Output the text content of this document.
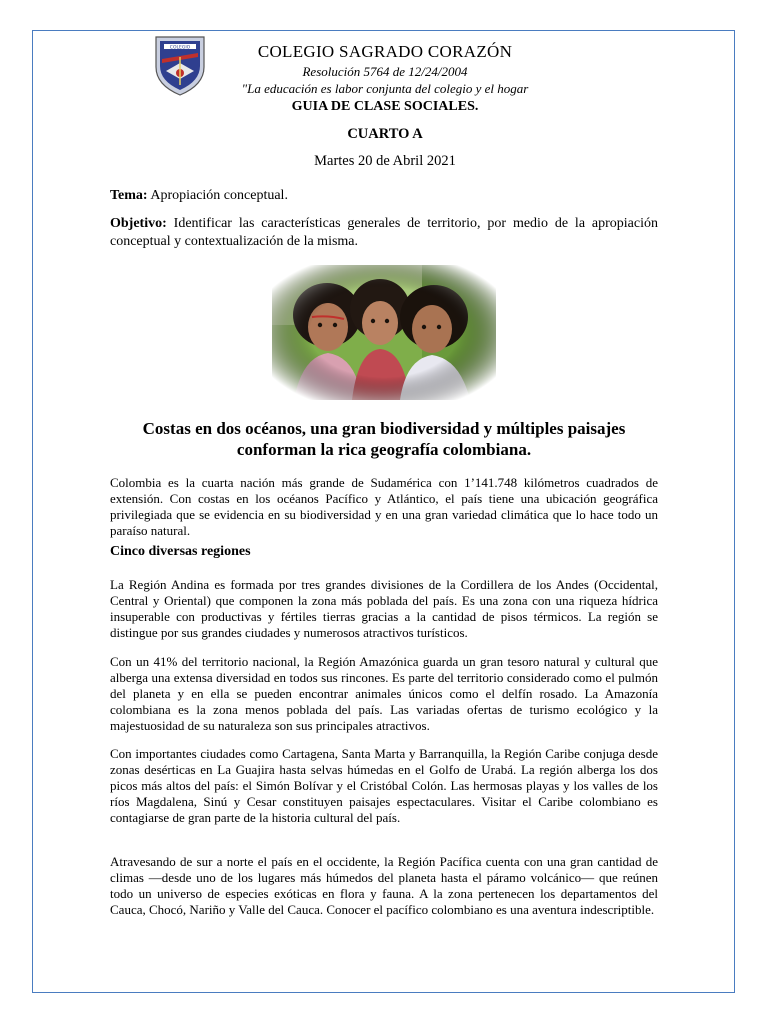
COLEGIO	COLEGIO SAGRADO CORAZÓN
Resolución 5764 de 12/24/2004
"La educación es labor conjunta del colegio y el hogar
GUIA DE CLASE SOCIALES.
CUARTO A
Martes 20 de Abril 2021
Tema: Apropiación conceptual.
Objetivo: Identificar las características generales de territorio, por medio de la apropiación conceptual y contextualización de la misma.
Costas en dos océanos, una gran biodiversidad y múltiples paisajes conforman la rica geografía colombiana.
Colombia es la cuarta nación más grande de Sudamérica con 1’141.748 kilómetros cuadrados de extensión. Con costas en los océanos Pacífico y Atlántico, el país tiene una ubicación geográfica privilegiada que se evidencia en su biodiversidad y en una gran variedad climática que lo hace todo un paraíso natural.
Cinco diversas regiones
La Región Andina es formada por tres grandes divisiones de la Cordillera de los Andes (Occidental, Central y Oriental) que componen la zona más poblada del país. Es una zona con una riqueza hídrica insuperable con productivas y fértiles tierras gracias a la cantidad de pisos térmicos. La región se distingue por sus grandes ciudades y numerosos atractivos turísticos.
Con un 41% del territorio nacional, la Región Amazónica guarda un gran tesoro natural y cultural que alberga una extensa diversidad en todos sus rincones. Es parte del territorio considerado como el pulmón del planeta y en ella se pueden encontrar animales únicos como el delfín rosado. La Amazonía colombiana es la zona menos poblada del país. Las variadas ofertas de turismo ecológico y la majestuosidad de su naturaleza son sus principales atractivos.
Con importantes ciudades como Cartagena, Santa Marta y Barranquilla, la Región Caribe conjuga desde zonas desérticas en La Guajira hasta selvas húmedas en el Golfo de Urabá. La región alberga los dos picos más altos del país: el Simón Bolívar y el Cristóbal Colón. Las hermosas playas y los valles de los ríos Magdalena, Sinú y Cesar constituyen paisajes espectaculares. Visitar el Caribe colombiano es contagiarse de gran parte de la historia cultural del país.
Atravesando de sur a norte el país en el occidente, la Región Pacífica cuenta con una gran cantidad de climas —desde uno de los lugares más húmedos del planeta hasta el páramo volcánico— que reúnen todo un universo de especies exóticas en flora y fauna. A la zona pertenecen los departamentos del Cauca, Chocó, Nariño y Valle del Cauca. Conocer el pacífico colombiano es una aventura indescriptible.
